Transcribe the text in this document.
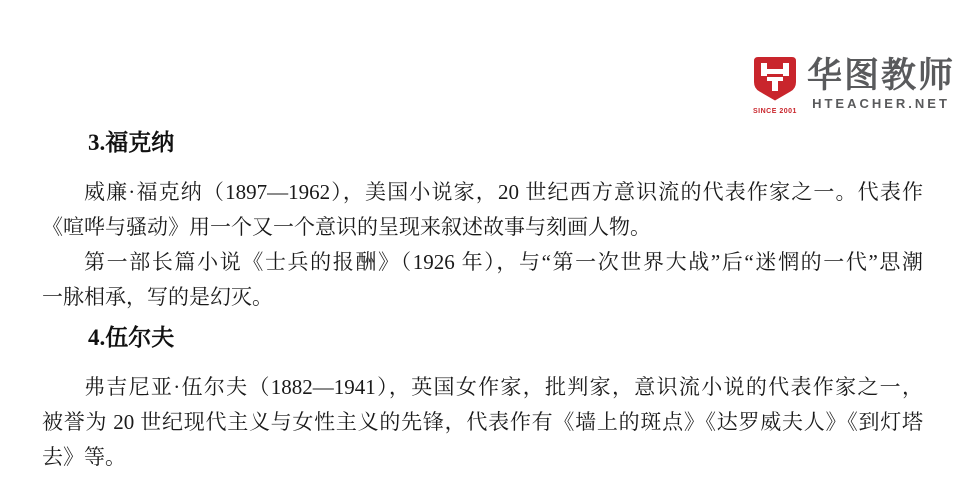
SINCE 2001
华图教师
HTEACHER.NET
3.福克纳
威廉·福克纳（1897—1962），美国小说家，20 世纪西方意识流的代表作家之一。代表作
《喧哗与骚动》用一个又一个意识的呈现来叙述故事与刻画人物。
第一部长篇小说《士兵的报酬》（1926 年），与“第一次世界大战”后“迷惘的一代”思潮
一脉相承，写的是幻灭。
4.伍尔夫
弗吉尼亚·伍尔夫（1882—1941），英国女作家，批判家，意识流小说的代表作家之一，
被誉为 20 世纪现代主义与女性主义的先锋，代表作有《墙上的斑点》《达罗威夫人》《到灯塔
去》等。
